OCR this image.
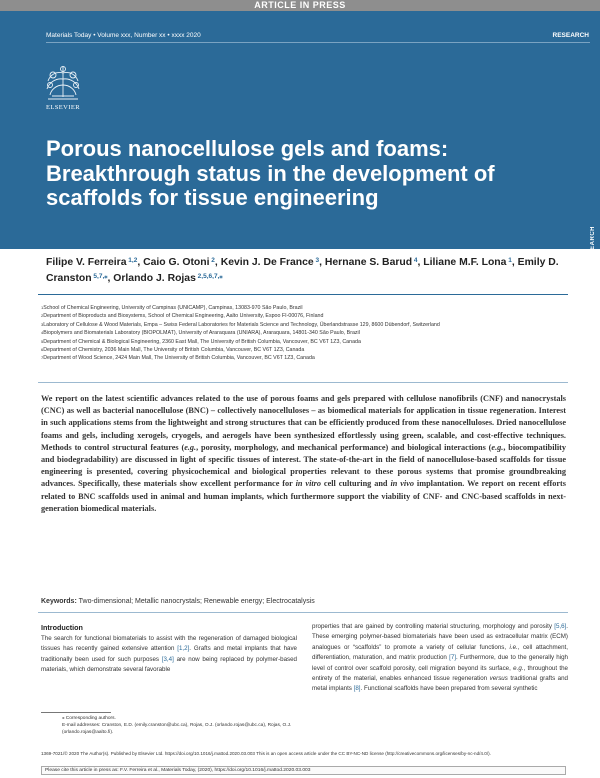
ARTICLE IN PRESS
Materials Today • Volume xxx, Number xx • xxxx 2020	RESEARCH
ELSEVIER
Porous nanocellulose gels and foams: Breakthrough status in the development of scaffolds for tissue engineering
RESEARCH
Filipe V. Ferreira $^{1,2}$, Caio G. Otoni $^2$, Kevin J. De France $^3$, Hernane S. Barud $^4$, Liliane M.F. Lona $^1$, Emily D. Cranston $^{5,7,⁎}$, Orlando J. Rojas $^{2,5,6,7,⁎}$
$^1$School of Chemical Engineering, University of Campinas (UNICAMP), Campinas, 13083-970 São Paulo, Brazil
$^2$Department of Bioproducts and Biosystems, School of Chemical Engineering, Aalto University, Espoo FI-00076, Finland
$^3$Laboratory of Cellulose & Wood Materials, Empa – Swiss Federal Laboratories for Materials Science and Technology, Überlandstrasse 129, 8600 Dübendorf, Switzerland
$^4$Biopolymers and Biomaterials Laboratory (BIOPOLMAT), University of Araraquara (UNIARA), Araraquara, 14801-340 São Paulo, Brazil
$^5$Department of Chemical & Biological Engineering, 2360 East Mall, The University of British Columbia, Vancouver, BC V6T 1Z3, Canada
$^6$Department of Chemistry, 2036 Main Mall, The University of British Columbia, Vancouver, BC V6T 1Z3, Canada
$^7$Department of Wood Science, 2424 Main Mall, The University of British Columbia, Vancouver, BC V6T 1Z3, Canada
We report on the latest scientific advances related to the use of porous foams and gels prepared with cellulose nanofibrils (CNF) and nanocrystals (CNC) as well as bacterial nanocellulose (BNC) – collectively nanocelluloses – as biomedical materials for application in tissue regeneration. Interest in such applications stems from the lightweight and strong structures that can be efficiently produced from these nanocelluloses. Dried nanocellulose foams and gels, including xerogels, cryogels, and aerogels have been synthesized effortlessly using green, scalable, and cost-effective techniques. Methods to control structural features (e.g., porosity, morphology, and mechanical performance) and biological interactions (e.g., biocompatibility and biodegradability) are discussed in light of specific tissues of interest. The state-of-the-art in the field of nanocellulose-based scaffolds for tissue engineering is presented, covering physicochemical and biological properties relevant to these porous systems that promise groundbreaking advances. Specifically, these materials show excellent performance for in vitro cell culturing and in vivo implantation. We report on recent efforts related to BNC scaffolds used in animal and human implants, which furthermore support the viability of CNF- and CNC-based scaffolds in next-generation biomedical materials.
Keywords: Two-dimensional; Metallic nanocrystals; Renewable energy; Electrocatalysis
Introduction
The search for functional biomaterials to assist with the regeneration of damaged biological tissues has recently gained extensive attention [1,2]. Grafts and metal implants that have traditionally been used for such purposes [3,4] are now being replaced by polymer-based materials, which demonstrate several favorable
properties that are gained by controlling material structuring, morphology and porosity [5,6]. These emerging polymer-based biomaterials have been used as extracellular matrix (ECM) analogues or “scaffolds” to promote a variety of cellular functions, i.e., cell attachment, differentiation, maturation, and matrix production [7]. Furthermore, due to the generally high level of control over scaffold porosity, cell migration beyond its surface, e.g., throughout the entirety of the material, enables enhanced tissue regeneration versus traditional grafts and metal implants [8]. Functional scaffolds have been prepared from several synthetic
⁎ Corresponding authors.
E-mail addresses: Cranston, E.D. (emily.cranston@ubc.ca), Rojas, O.J. (orlando.rojas@ubc.ca), Rojas, O.J. (orlando.rojas@aalto.fi).
1369-7021/© 2020 The Author(s). Published by Elsevier Ltd. https://doi.org/10.1016/j.mattod.2020.03.003 This is an open access article under the CC BY-NC-ND license (http://creativecommons.org/licenses/by-nc-nd/4.0/).
Please cite this article in press as: F.V. Ferreira et al., Materials Today, (2020), https://doi.org/10.1016/j.mattod.2020.03.003
